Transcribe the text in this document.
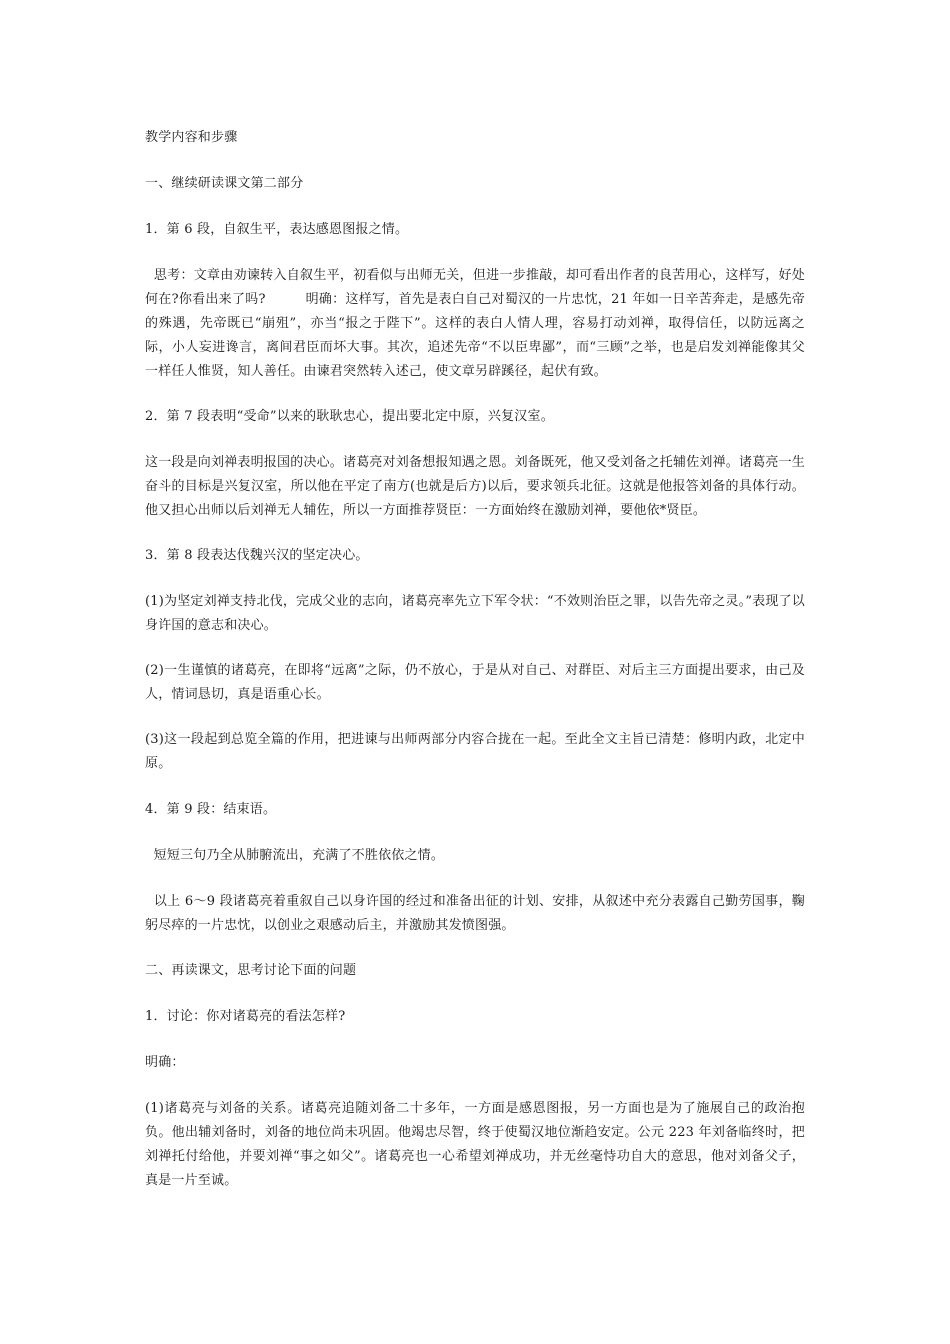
教学内容和步骤

一、继续研读课文第二部分

1．第 6 段，自叙生平，表达感恩图报之情。

思考：文章由劝谏转入自叙生平，初看似与出师无关，但进一步推敲，却可看出作者的良苦用心，这样写，好处何在?你看出来了吗?　　　明确：这样写，首先是表白自己对蜀汉的一片忠忱，21 年如一日辛苦奔走，是感先帝的殊遇，先帝既已“崩殂”，亦当“报之于陛下”。这样的表白人情人理，容易打动刘禅，取得信任，以防远离之际，小人妄进谗言，离间君臣而坏大事。其次，追述先帝“不以臣卑鄙”，而“三顾”之举，也是启发刘禅能像其父一样任人惟贤，知人善任。由谏君突然转入述己，使文章另辟蹊径，起伏有致。

2．第 7 段表明“受命”以来的耿耿忠心，提出要北定中原，兴复汉室。

这一段是向刘禅表明报国的决心。诸葛亮对刘备想报知遇之恩。刘备既死，他又受刘备之托辅佐刘禅。诸葛亮一生奋斗的目标是兴复汉室，所以他在平定了南方(也就是后方)以后，要求领兵北征。这就是他报答刘备的具体行动。他又担心出师以后刘禅无人辅佐，所以一方面推荐贤臣：一方面始终在激励刘禅，要他依*贤臣。

3．第 8 段表达伐魏兴汉的坚定决心。

(1)为坚定刘禅支持北伐，完成父业的志向，诸葛亮率先立下军令状：“不效则治臣之罪，以告先帝之灵。”表现了以身许国的意志和决心。

(2)一生谨慎的诸葛亮，在即将“远离”之际，仍不放心，于是从对自己、对群臣、对后主三方面提出要求，由己及人，情词恳切，真是语重心长。

(3)这一段起到总览全篇的作用，把进谏与出师两部分内容合拢在一起。至此全文主旨已清楚：修明内政，北定中原。

4．第 9 段：结束语。

短短三句乃全从肺腑流出，充满了不胜依依之情。

以上 6～9 段诸葛亮着重叙自己以身许国的经过和准备出征的计划、安排，从叙述中充分表露自己勤劳国事，鞠躬尽瘁的一片忠忱，以创业之艰感动后主，并激励其发愤图强。

二、再读课文，思考讨论下面的问题

1．讨论：你对诸葛亮的看法怎样?

明确：

(1)诸葛亮与刘备的关系。诸葛亮追随刘备二十多年，一方面是感恩图报，另一方面也是为了施展自己的政治抱负。他出辅刘备时，刘备的地位尚未巩固。他竭忠尽智，终于使蜀汉地位渐趋安定。公元 223 年刘备临终时，把刘禅托付给他，并要刘禅“事之如父”。诸葛亮也一心希望刘禅成功，并无丝毫恃功自大的意思，他对刘备父子，真是一片至诚。
